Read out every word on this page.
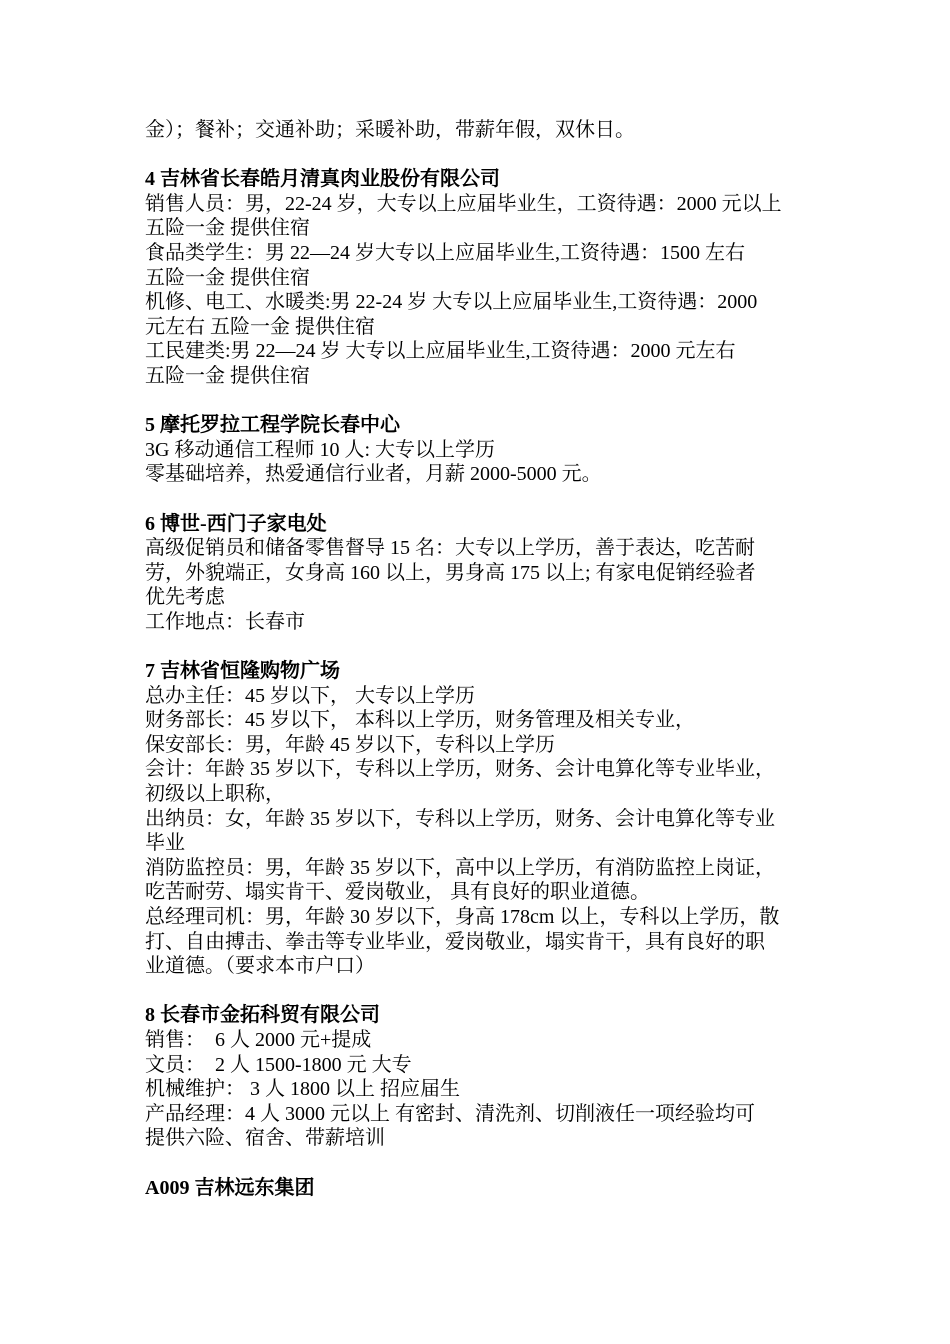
金）；餐补；交通补助；采暖补助，带薪年假，双休日。

4 吉林省长春皓月清真肉业股份有限公司

销售人员：男，22-24 岁，大专以上应届毕业生，工资待遇：2000 元以上

五险一金 提供住宿

食品类学生：男 22—24 岁大专以上应届毕业生,工资待遇：1500 左右

五险一金 提供住宿

机修、电工、水暖类:男 22-24 岁 大专以上应届毕业生,工资待遇：2000

元左右 五险一金 提供住宿

工民建类:男 22—24 岁 大专以上应届毕业生,工资待遇：2000 元左右

五险一金 提供住宿

5 摩托罗拉工程学院长春中心

3G 移动通信工程师 10 人: 大专以上学历

零基础培养，热爱通信行业者，月薪 2000-5000 元。

6 博世-西门子家电处

高级促销员和储备零售督导 15 名：大专以上学历，善于表达，吃苦耐

劳，外貌端正，女身高 160 以上，男身高 175 以上; 有家电促销经验者

优先考虑

工作地点：长春市

7 吉林省恒隆购物广场

总办主任：45 岁以下， 大专以上学历

财务部长：45 岁以下， 本科以上学历，财务管理及相关专业，

保安部长：男，年龄 45 岁以下，专科以上学历

会计：年龄 35 岁以下，专科以上学历，财务、会计电算化等专业毕业，

初级以上职称，

出纳员：女，年龄 35 岁以下，专科以上学历，财务、会计电算化等专业

毕业

消防监控员：男，年龄 35 岁以下，高中以上学历，有消防监控上岗证，

吃苦耐劳、塌实肯干、爱岗敬业， 具有良好的职业道德。

总经理司机：男，年龄 30 岁以下，身高 178cm 以上，专科以上学历，散

打、自由搏击、拳击等专业毕业，爱岗敬业，塌实肯干，具有良好的职

业道德。（要求本市户口）

8 长春市金拓科贸有限公司

销售：　6 人 2000 元+提成

文员：　2 人 1500-1800 元 大专

机械维护： 3 人 1800 以上 招应届生

产品经理：4 人 3000 元以上 有密封、清洗剂、切削液任一项经验均可

提供六险、宿舍、带薪培训

A009 吉林远东集团
